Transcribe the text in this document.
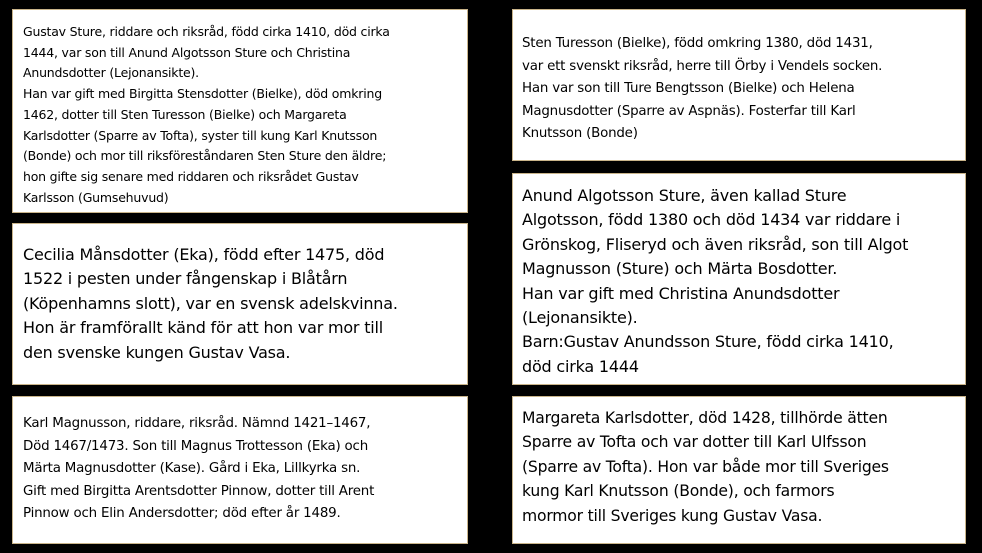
Gustav Sture, riddare och riksråd, född cirka 1410, död cirka
1444, var son till Anund Algotsson Sture och Christina
Anundsdotter (Lejonansikte).
Han var gift med Birgitta Stensdotter (Bielke), död omkring
1462, dotter till Sten Turesson (Bielke) och Margareta
Karlsdotter (Sparre av Tofta), syster till kung Karl Knutsson
(Bonde) och mor till riksföreståndaren Sten Sture den äldre;
hon gifte sig senare med riddaren och riksrådet Gustav
Karlsson (Gumsehuvud)

Sten Turesson (Bielke), född omkring 1380, död 1431,
var ett svenskt riksråd, herre till Örby i Vendels socken.
Han var son till Ture Bengtsson (Bielke) och Helena
Magnusdotter (Sparre av Aspnäs). Fosterfar till Karl
Knutsson (Bonde)

Cecilia Månsdotter (Eka), född efter 1475, död
1522 i pesten under fångenskap i Blåtårn
(Köpenhamns slott), var en svensk adelskvinna.
Hon är framförallt känd för att hon var mor till
den svenske kungen Gustav Vasa.

Anund Algotsson Sture, även kallad Sture
Algotsson, född 1380 och död 1434 var riddare i
Grönskog, Fliseryd och även riksråd, son till Algot
Magnusson (Sture) och Märta Bosdotter.
Han var gift med Christina Anundsdotter
(Lejonansikte).
Barn:Gustav Anundsson Sture, född cirka 1410,
död cirka 1444

Karl Magnusson, riddare, riksråd. Nämnd 1421–1467,
Död 1467/1473. Son till Magnus Trottesson (Eka) och
Märta Magnusdotter (Kase). Gård i Eka, Lillkyrka sn.
Gift med Birgitta Arentsdotter Pinnow, dotter till Arent
Pinnow och Elin Andersdotter; död efter år 1489.

Margareta Karlsdotter, död 1428, tillhörde ätten
Sparre av Tofta och var dotter till Karl Ulfsson
(Sparre av Tofta). Hon var både mor till Sveriges
kung Karl Knutsson (Bonde), och farmors
mormor till Sveriges kung Gustav Vasa.
